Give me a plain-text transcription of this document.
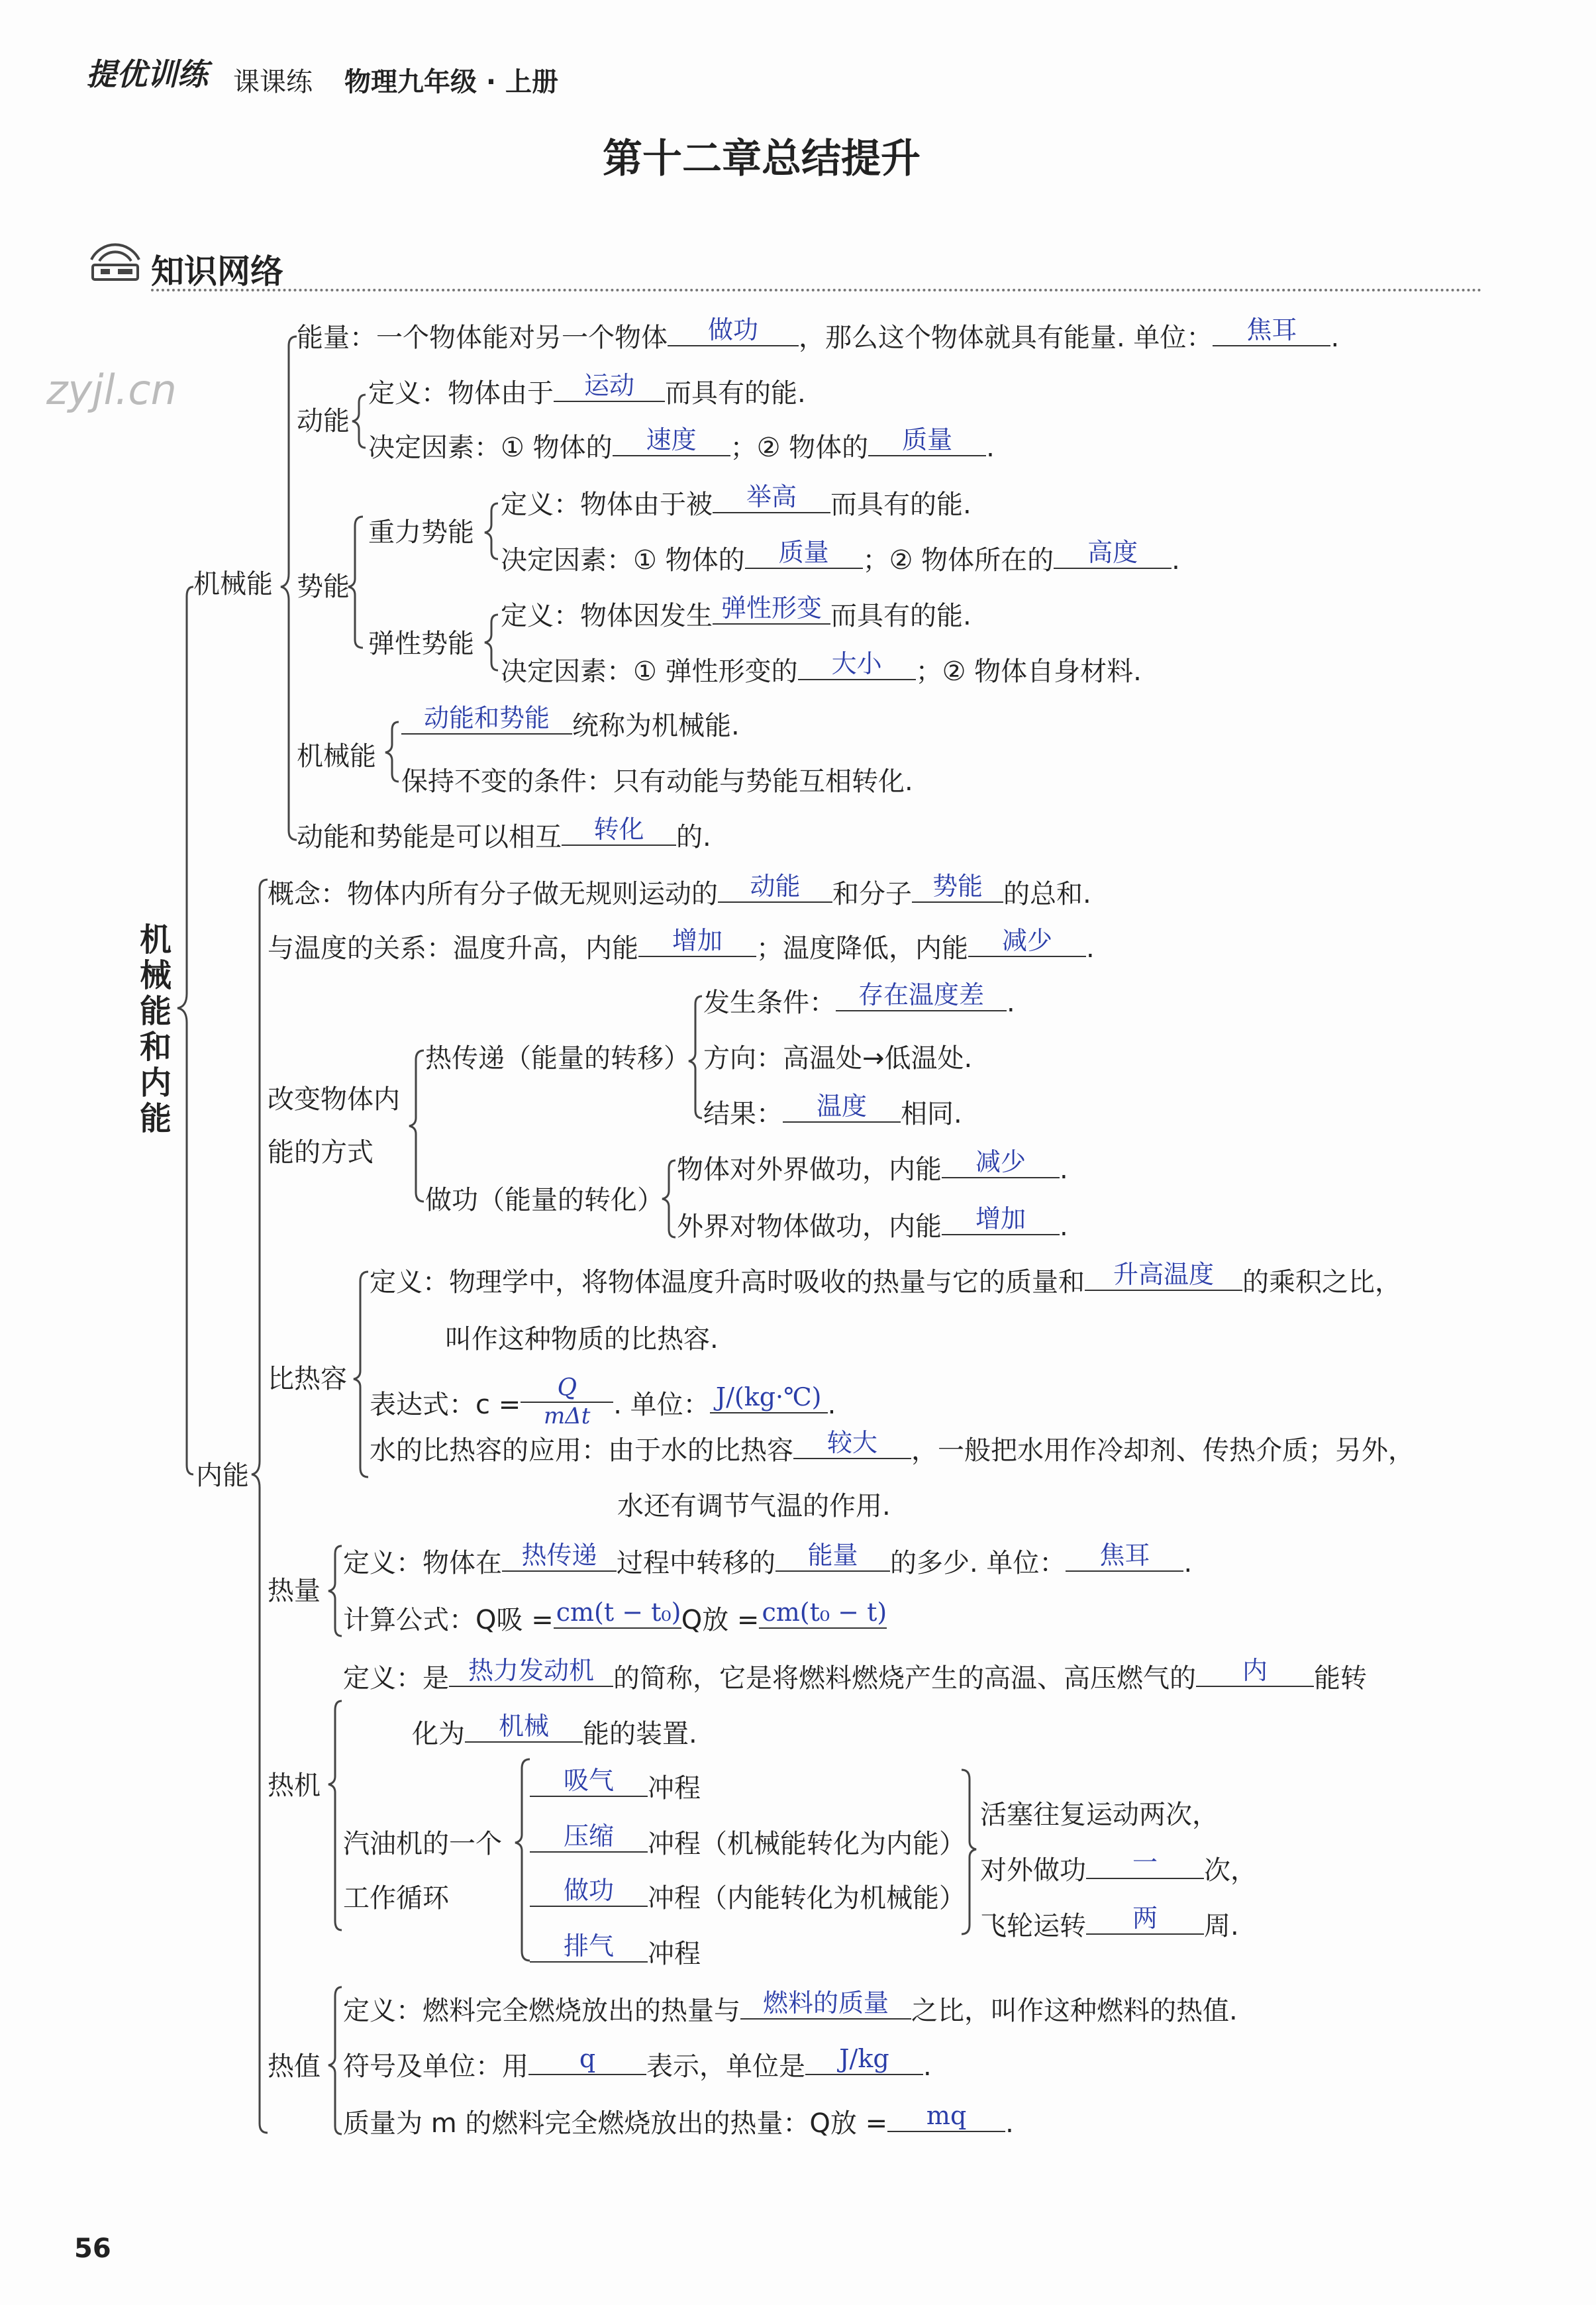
提优训练 课课练 物理九年级 · 上册
第十二章总结提升
知识网络
zyjl.cn
机械能和内能
机械能
能量：一个物体能对另一个物体 做功 ，那么这个物体就具有能量. 单位： 焦耳 .
动能
定义：物体由于 运动 而具有的能.
决定因素：① 物体的 速度 ；② 物体的 质量 .
势能
重力势能
定义：物体由于被 举高 而具有的能.
决定因素：① 物体的 质量 ；② 物体所在的 高度 .
弹性势能
定义：物体因发生 弹性形变 而具有的能.
决定因素：① 弹性形变的 大小 ；② 物体自身材料.
机械能
动能和势能 统称为机械能.
保持不变的条件：只有动能与势能互相转化.
动能和势能是可以相互 转化 的.
内能
概念：物体内所有分子做无规则运动的 动能 和分子 势能 的总和.
与温度的关系：温度升高，内能 增加 ；温度降低，内能 减少 .
改变物体内
能的方式
热传递（能量的转移）
发生条件： 存在温度差 .
方向：高温处→低温处.
结果： 温度 相同.
做功（能量的转化）
物体对外界做功，内能 减少 .
外界对物体做功，内能 增加 .
比热容
定义：物理学中，将物体温度升高时吸收的热量与它的质量和 升高温度 的乘积之比，
叫作这种物质的比热容.
表达式：$c = \frac{Q}{\text{mΔt}}$ . 单位： J/(kg·℃) .
水的比热容的应用：由于水的比热容 较大 ，一般把水用作冷却剂、传热介质；另外，
水还有调节气温的作用.
热量
定义：物体在 热传递 过程中转移的 能量 的多少. 单位： 焦耳 .
计算公式：Q吸 = cm(t − t₀)Q放 = cm(t₀ − t)
热机
定义：是 热力发动机 的简称，它是将燃料燃烧产生的高温、高压燃气的 内 能转
化为 机械 能的装置.
汽油机的一个
工作循环
吸气 冲程
压缩 冲程（机械能转化为内能）
做功 冲程（内能转化为机械能）
排气 冲程
活塞往复运动两次，
对外做功 一 次，
飞轮运转 两 周.
热值
定义：燃料完全燃烧放出的热量与 燃料的质量 之比，叫作这种燃料的热值.
符号及单位：用 q 表示，单位是 J/kg .
质量为 m 的燃料完全燃烧放出的热量：Q放 = mq .
56
